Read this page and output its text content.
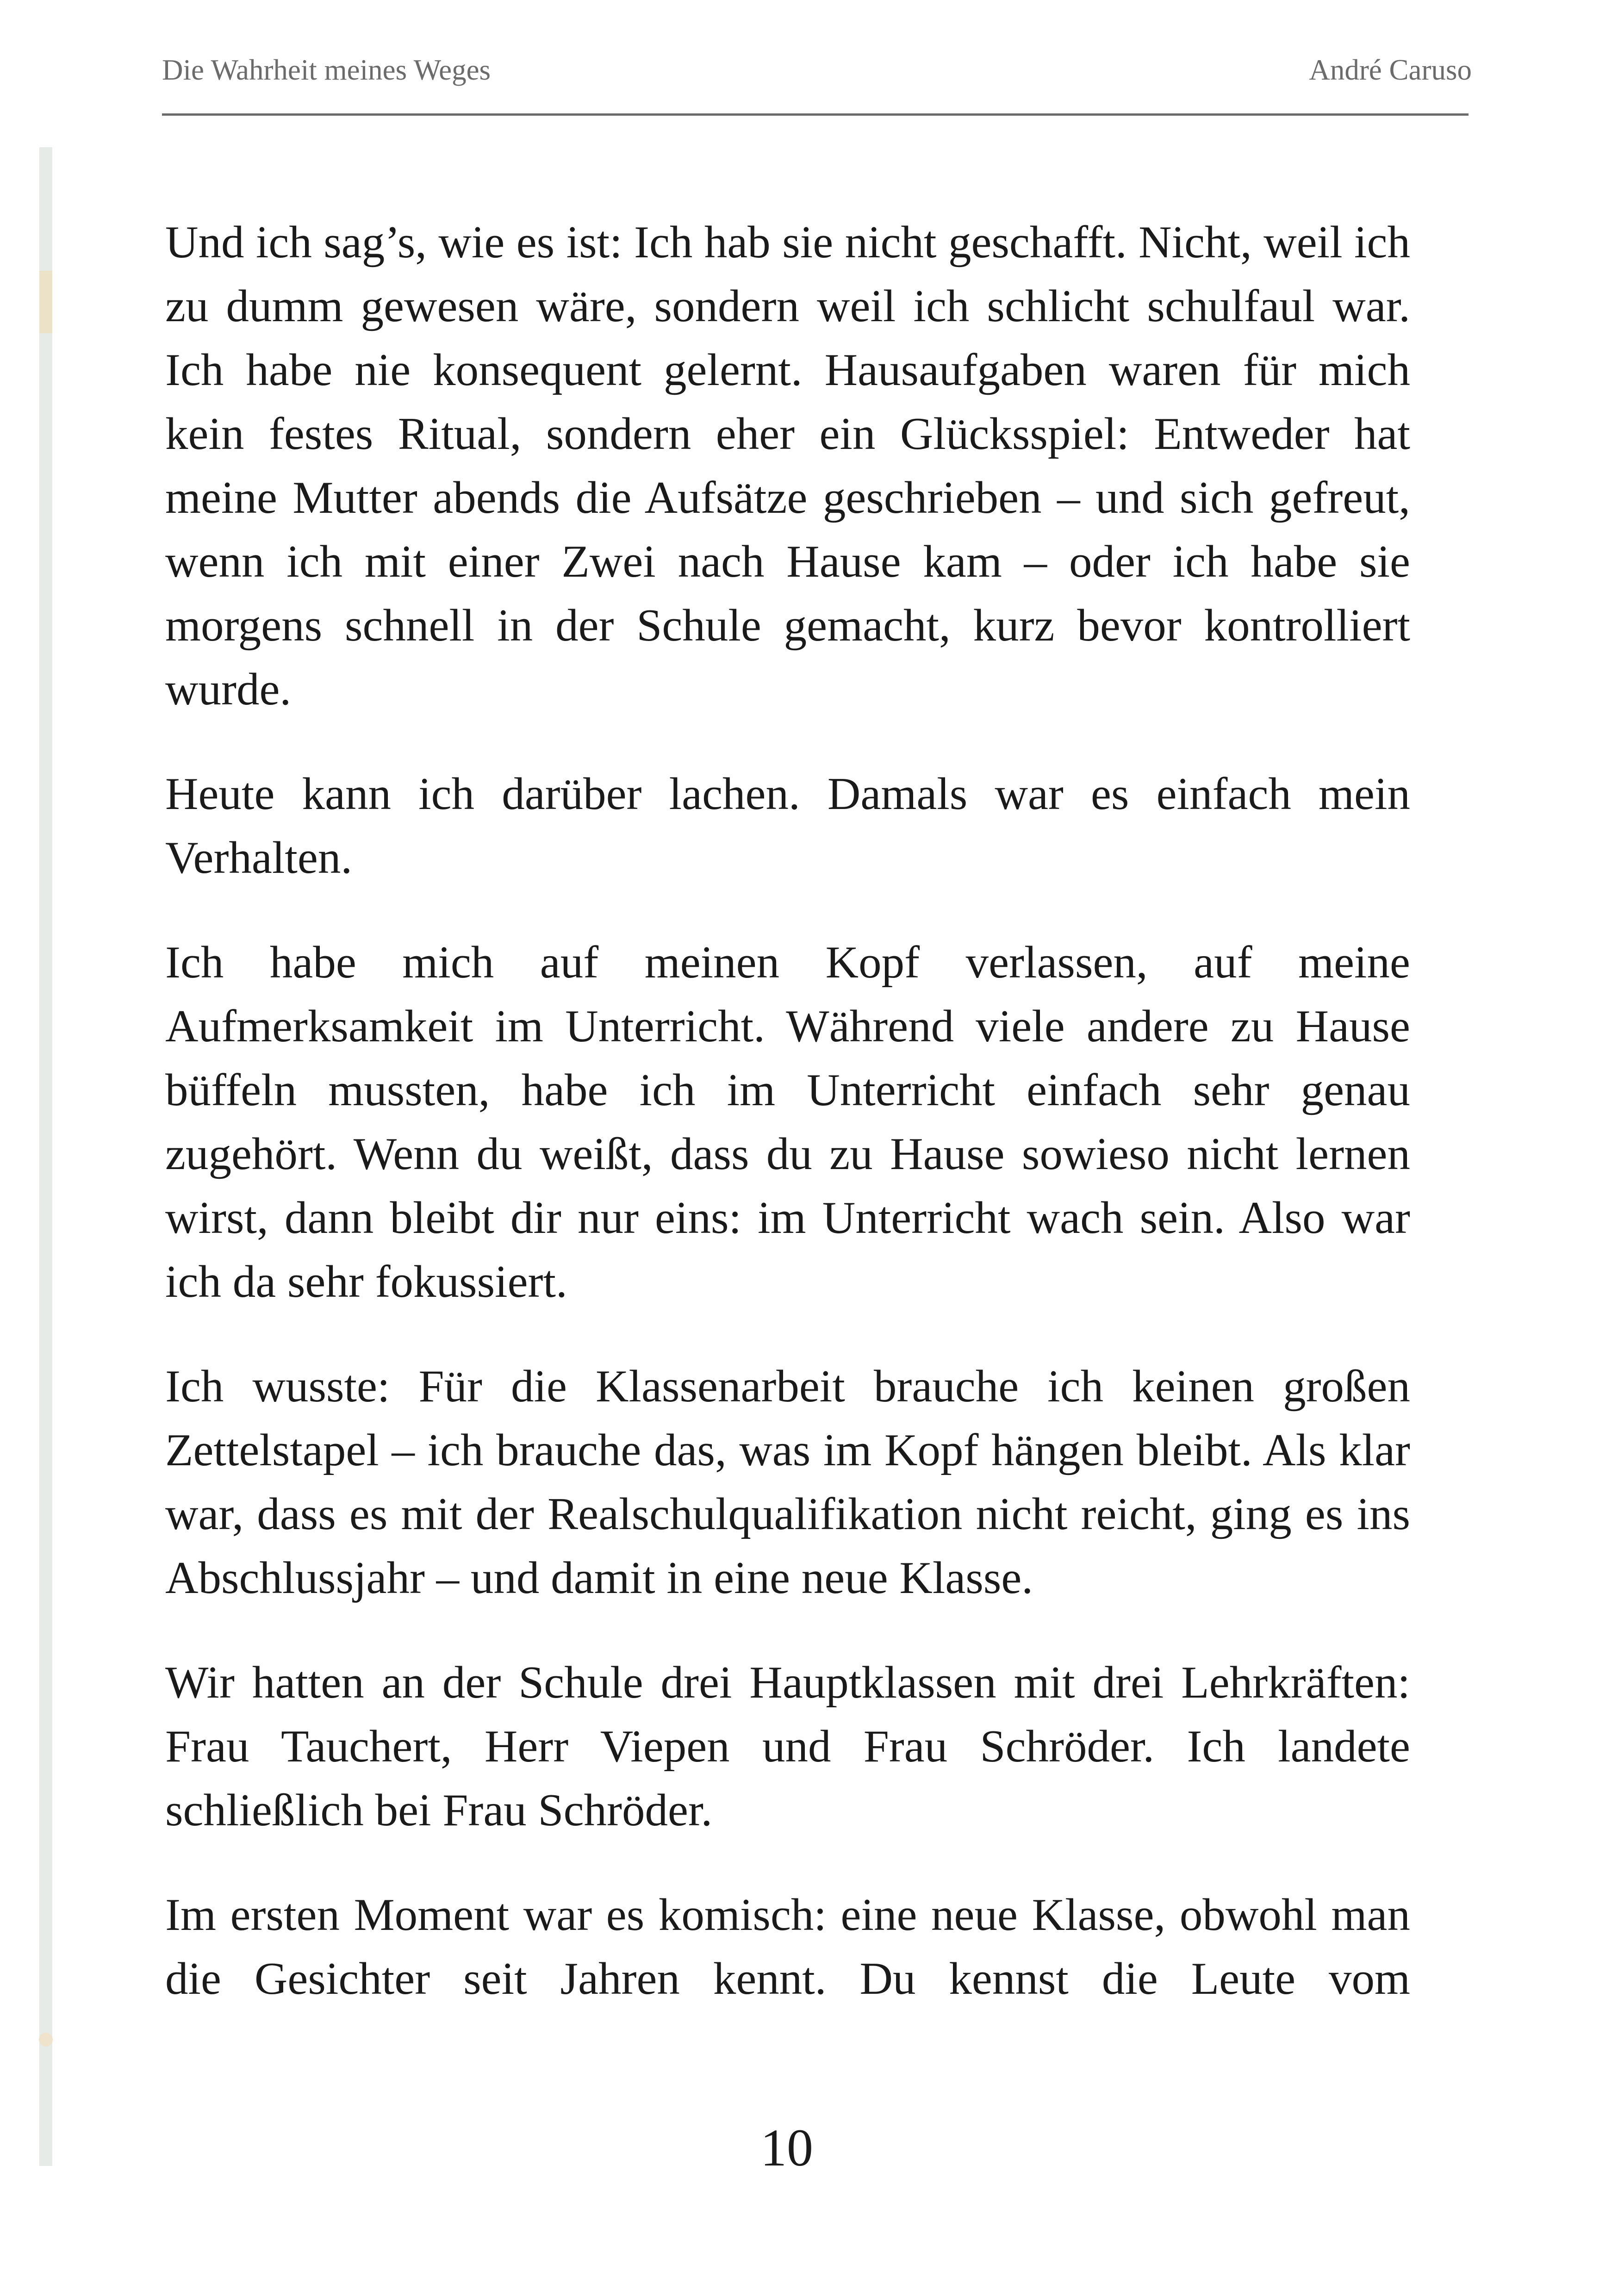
Die Wahrheit meines Weges	André Caruso

Und ich sag’s, wie es ist: Ich hab sie nicht geschafft. Nicht, weil ich zu dumm gewesen wäre, sondern weil ich schlicht schulfaul war. Ich habe nie konsequent gelernt. Hausaufgaben waren für mich kein festes Ritual, sondern eher ein Glücksspiel: Entweder hat meine Mutter abends die Aufsätze geschrieben – und sich gefreut, wenn ich mit einer Zwei nach Hause kam – oder ich habe sie morgens schnell in der Schule gemacht, kurz bevor kontrolliert wurde.

Heute kann ich darüber lachen. Damals war es einfach mein Verhalten.

Ich habe mich auf meinen Kopf verlassen, auf meine Aufmerksamkeit im Unterricht. Während viele andere zu Hause büffeln mussten, habe ich im Unterricht einfach sehr genau zugehört. Wenn du weißt, dass du zu Hause sowieso nicht lernen wirst, dann bleibt dir nur eins: im Unterricht wach sein. Also war ich da sehr fokussiert.

Ich wusste: Für die Klassenarbeit brauche ich keinen großen Zettelstapel – ich brauche das, was im Kopf hängen bleibt. Als klar war, dass es mit der Realschulqualifikation nicht reicht, ging es ins Abschlussjahr – und damit in eine neue Klasse.

Wir hatten an der Schule drei Hauptklassen mit drei Lehrkräften: Frau Tauchert, Herr Viepen und Frau Schröder. Ich landete schließlich bei Frau Schröder.

Im ersten Moment war es komisch: eine neue Klasse, obwohl man die Gesichter seit Jahren kennt. Du kennst die Leute vom

10
